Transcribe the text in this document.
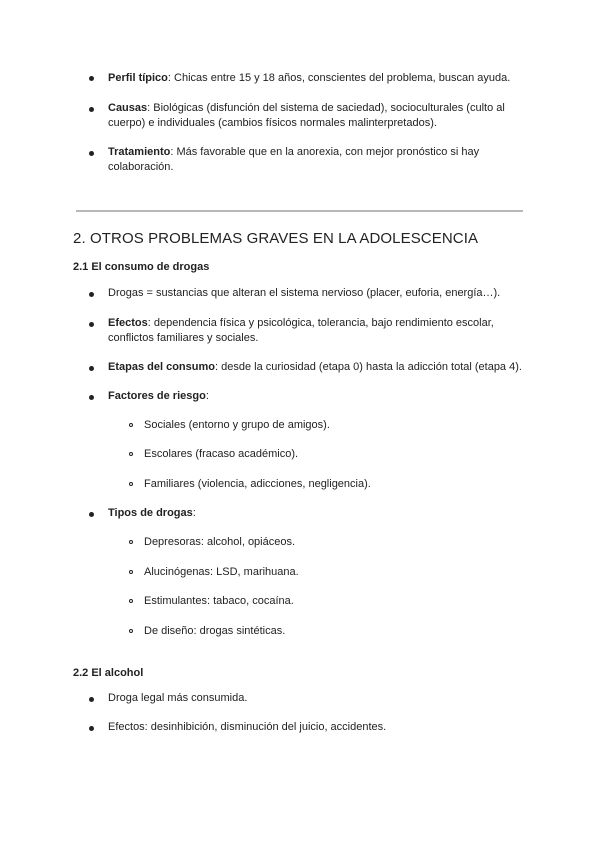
Perfil típico: Chicas entre 15 y 18 años, conscientes del problema, buscan ayuda.
Causas: Biológicas (disfunción del sistema de saciedad), socioculturales (culto al cuerpo) e individuales (cambios físicos normales malinterpretados).
Tratamiento: Más favorable que en la anorexia, con mejor pronóstico si hay colaboración.
2. OTROS PROBLEMAS GRAVES EN LA ADOLESCENCIA
2.1 El consumo de drogas
Drogas = sustancias que alteran el sistema nervioso (placer, euforia, energía…).
Efectos: dependencia física y psicológica, tolerancia, bajo rendimiento escolar, conflictos familiares y sociales.
Etapas del consumo: desde la curiosidad (etapa 0) hasta la adicción total (etapa 4).
Factores de riesgo:
Sociales (entorno y grupo de amigos).
Escolares (fracaso académico).
Familiares (violencia, adicciones, negligencia).
Tipos de drogas:
Depresoras: alcohol, opiáceos.
Alucinógenas: LSD, marihuana.
Estimulantes: tabaco, cocaína.
De diseño: drogas sintéticas.
2.2 El alcohol
Droga legal más consumida.
Efectos: desinhibición, disminución del juicio, accidentes.
